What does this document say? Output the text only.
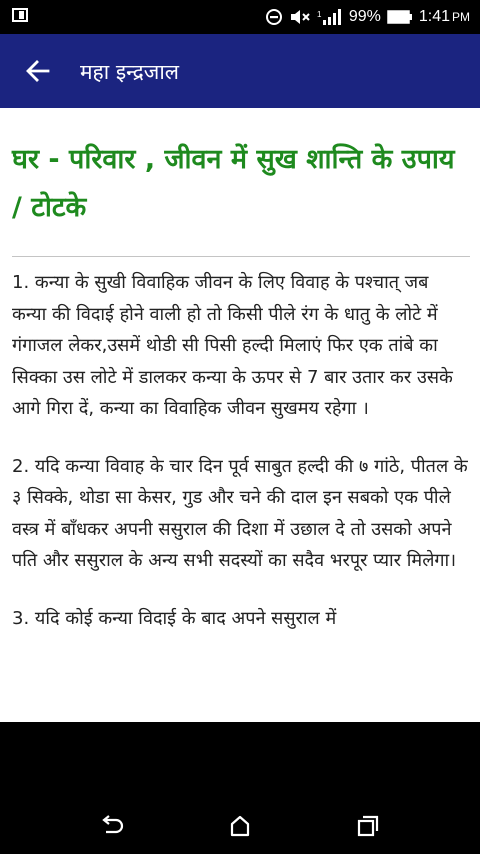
1 99% 1:41 PM
महा इन्द्रजाल
घर - परिवार , जीवन में सुख शान्ति के उपाय / टोटके
1. कन्या के सुखी विवाहिक जीवन के लिए विवाह के पश्चात् जब कन्या की विदाई होने वाली हो तो किसी पीले रंग के धातु के लोटे में गंगाजल लेकर,उसमें थोडी सी पिसी हल्दी मिलाएं फिर एक तांबे का सिक्का उस लोटे में डालकर कन्या के ऊपर से 7 बार उतार कर उसके आगे गिरा दें, कन्या का विवाहिक जीवन सुखमय रहेगा ।
2. यदि कन्या विवाह के चार दिन पूर्व साबुत हल्दी की ७ गांठे, पीतल के ३ सिक्के, थोडा सा केसर, गुड और चने की दाल इन सबको एक पीले वस्त्र में बाँधकर अपनी ससुराल की दिशा में उछाल दे तो उसको अपने पति और ससुराल के अन्य सभी सदस्यों का सदैव भरपूर प्यार मिलेगा।
3. यदि कोई कन्या विदाई के बाद अपने ससुराल में
